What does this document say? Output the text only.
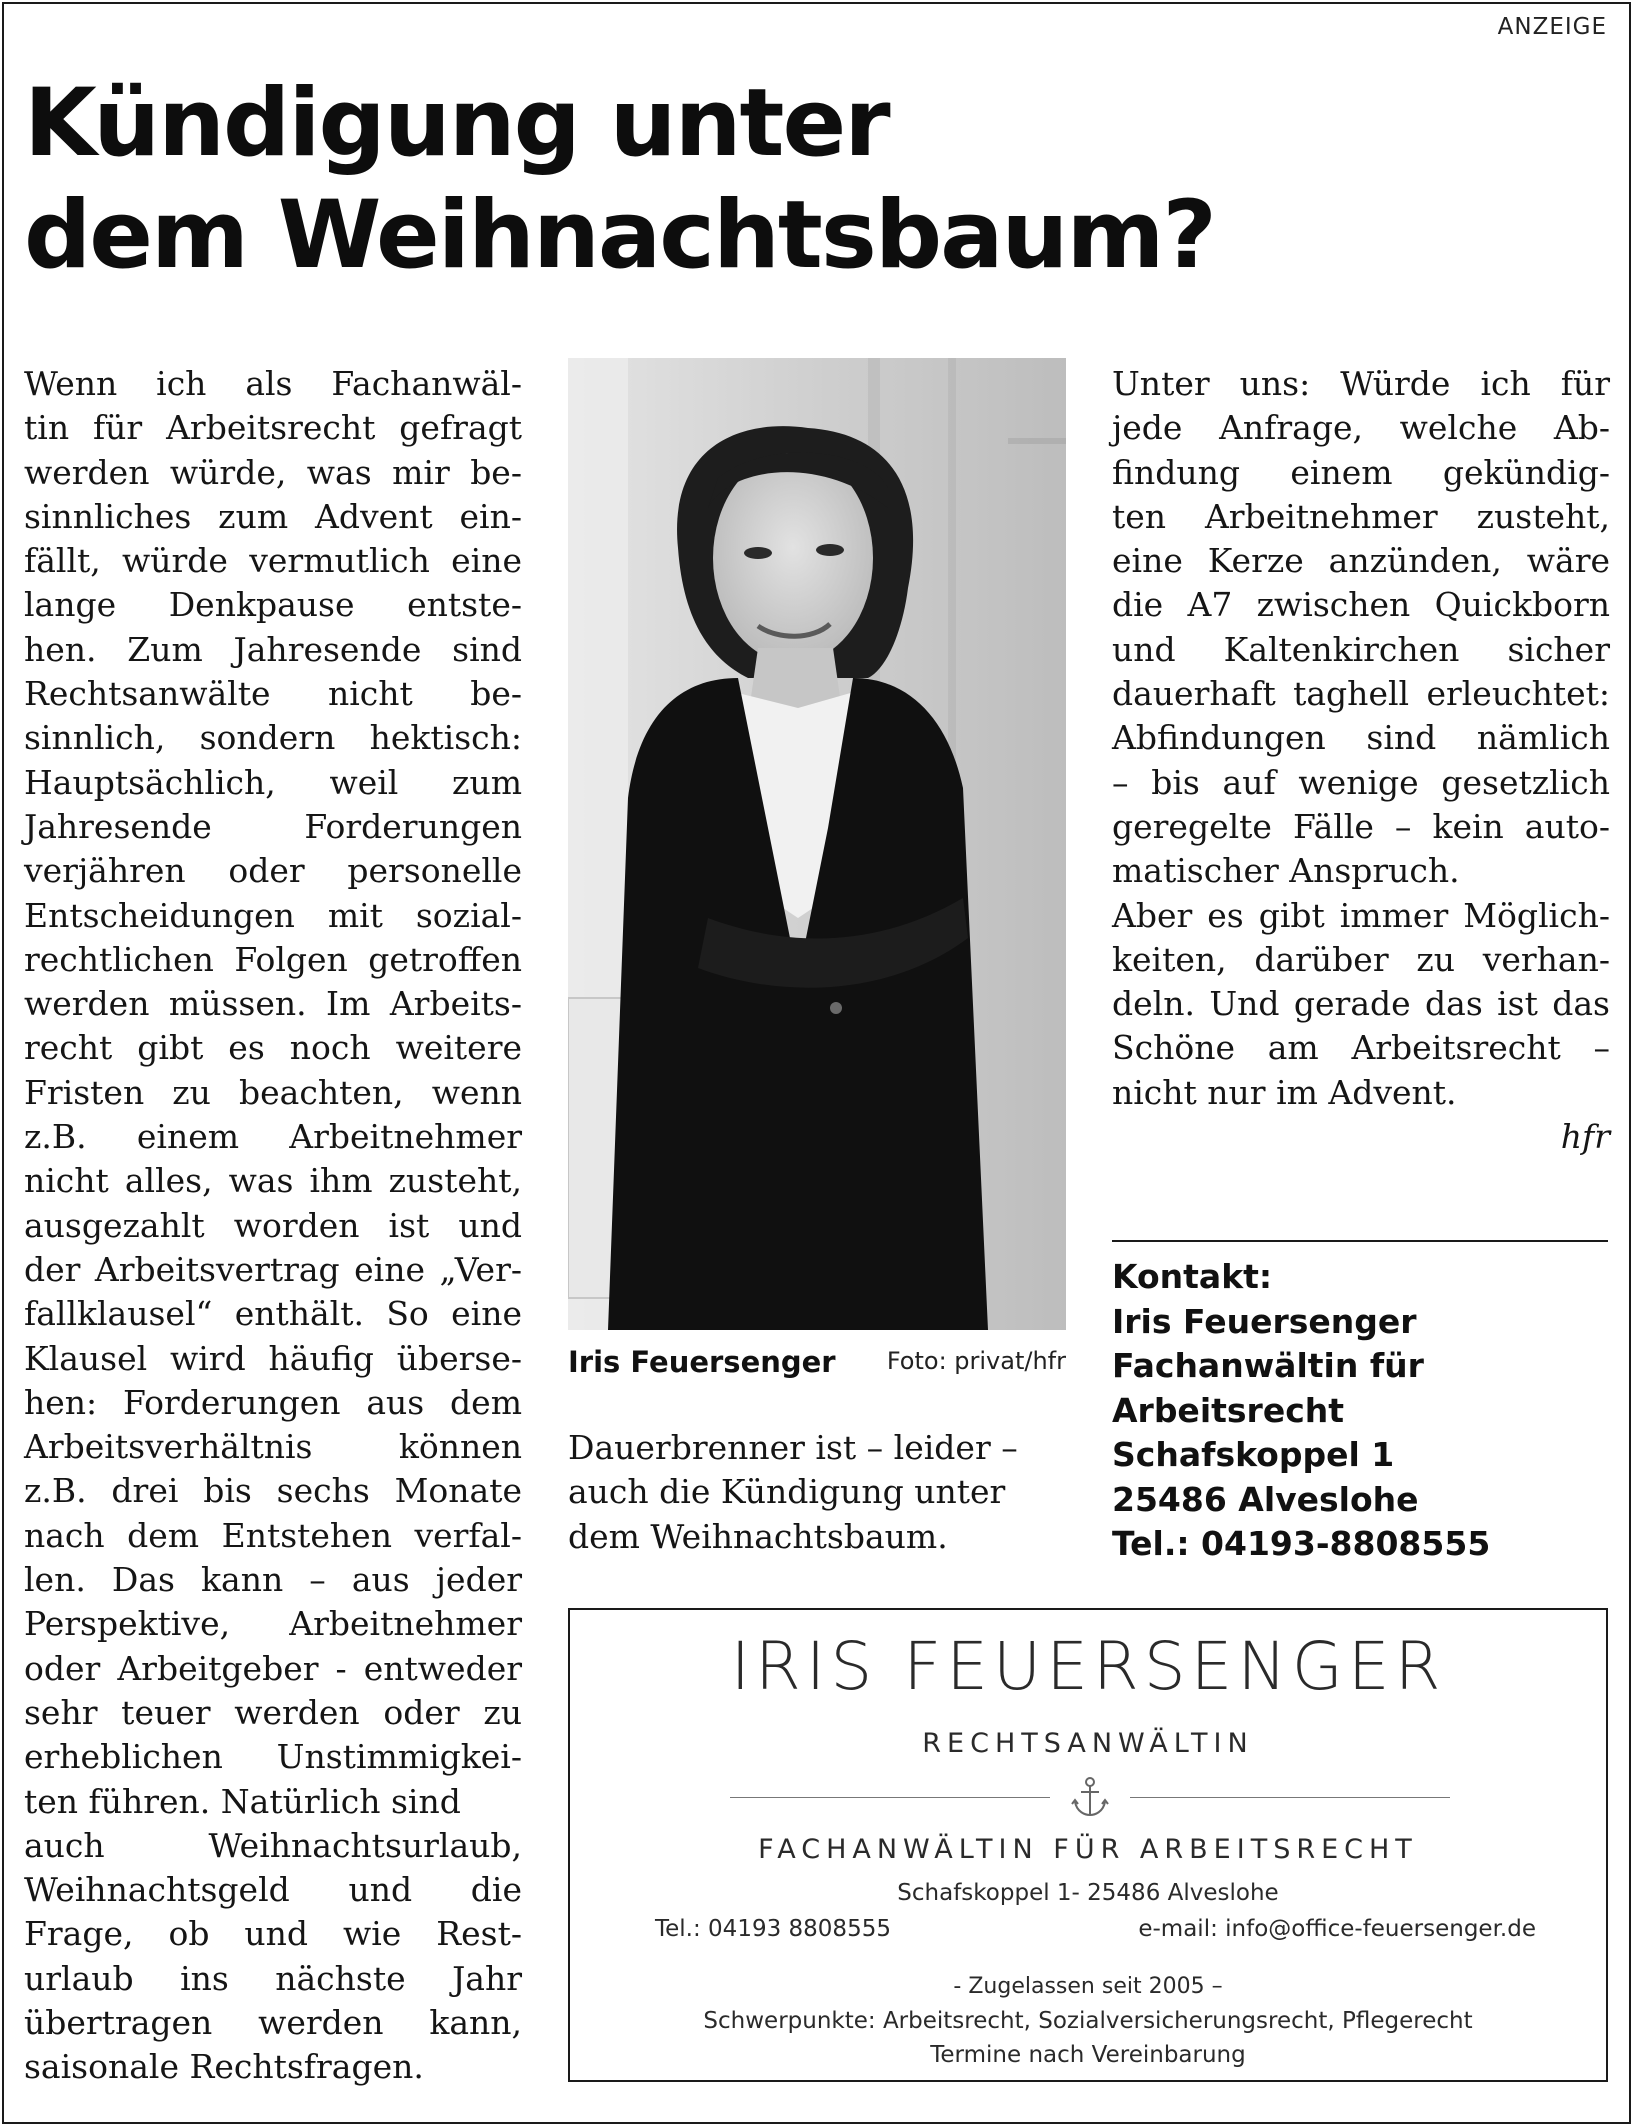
ANZEIGE
Kündigung unter
dem Weihnachtsbaum?
Wenn ich als Fachanwäl-
tin für Arbeitsrecht gefragt
werden würde, was mir be-
sinnliches zum Advent ein-
fällt, würde vermutlich eine
lange Denkpause entste-
hen. Zum Jahresende sind
Rechtsanwälte nicht be-
sinnlich, sondern hektisch:
Hauptsächlich, weil zum
Jahresende Forderungen
verjähren oder personelle
Entscheidungen mit sozial-
rechtlichen Folgen getroffen
werden müssen. Im Arbeits-
recht gibt es noch weitere
Fristen zu beachten, wenn
z.B. einem Arbeitnehmer
nicht alles, was ihm zusteht,
ausgezahlt worden ist und
der Arbeitsvertrag eine „Ver-
fallklausel“ enthält. So eine
Klausel wird häufig überse-
hen: Forderungen aus dem
Arbeitsverhältnis können
z.B. drei bis sechs Monate
nach dem Entstehen verfal-
len. Das kann – aus jeder
Perspektive, Arbeitnehmer
oder Arbeitgeber - entweder
sehr teuer werden oder zu
erheblichen Unstimmigkei-
ten führen. Natürlich sind
auch Weihnachtsurlaub,
Weihnachtsgeld und die
Frage, ob und wie Rest-
urlaub ins nächste Jahr
übertragen werden kann,
saisonale Rechtsfragen.
Iris Feuersenger Foto: privat/hfr
Dauerbrenner ist – leider –
auch die Kündigung unter
dem Weihnachtsbaum.
Unter uns: Würde ich für
jede Anfrage, welche Ab-
findung einem gekündig-
ten Arbeitnehmer zusteht,
eine Kerze anzünden, wäre
die A7 zwischen Quickborn
und Kaltenkirchen sicher
dauerhaft taghell erleuchtet:
Abfindungen sind nämlich
– bis auf wenige gesetzlich
geregelte Fälle – kein auto-
matischer Anspruch.
Aber es gibt immer Möglich-
keiten, darüber zu verhan-
deln. Und gerade das ist das
Schöne am Arbeitsrecht –
nicht nur im Advent.
hfr
Kontakt:
Iris Feuersenger
Fachanwältin für
Arbeitsrecht
Schafskoppel 1
25486 Alveslohe
Tel.: 04193-8808555
IRIS FEUERSENGER
RECHTSANWÄLTIN
FACHANWÄLTIN FÜR ARBEITSRECHT
Schafskoppel 1- 25486 Alveslohe
Tel.: 04193 8808555	e-mail: info@office-feuersenger.de
- Zugelassen seit 2005 –
Schwerpunkte: Arbeitsrecht, Sozialversicherungsrecht, Pflegerecht
Termine nach Vereinbarung
